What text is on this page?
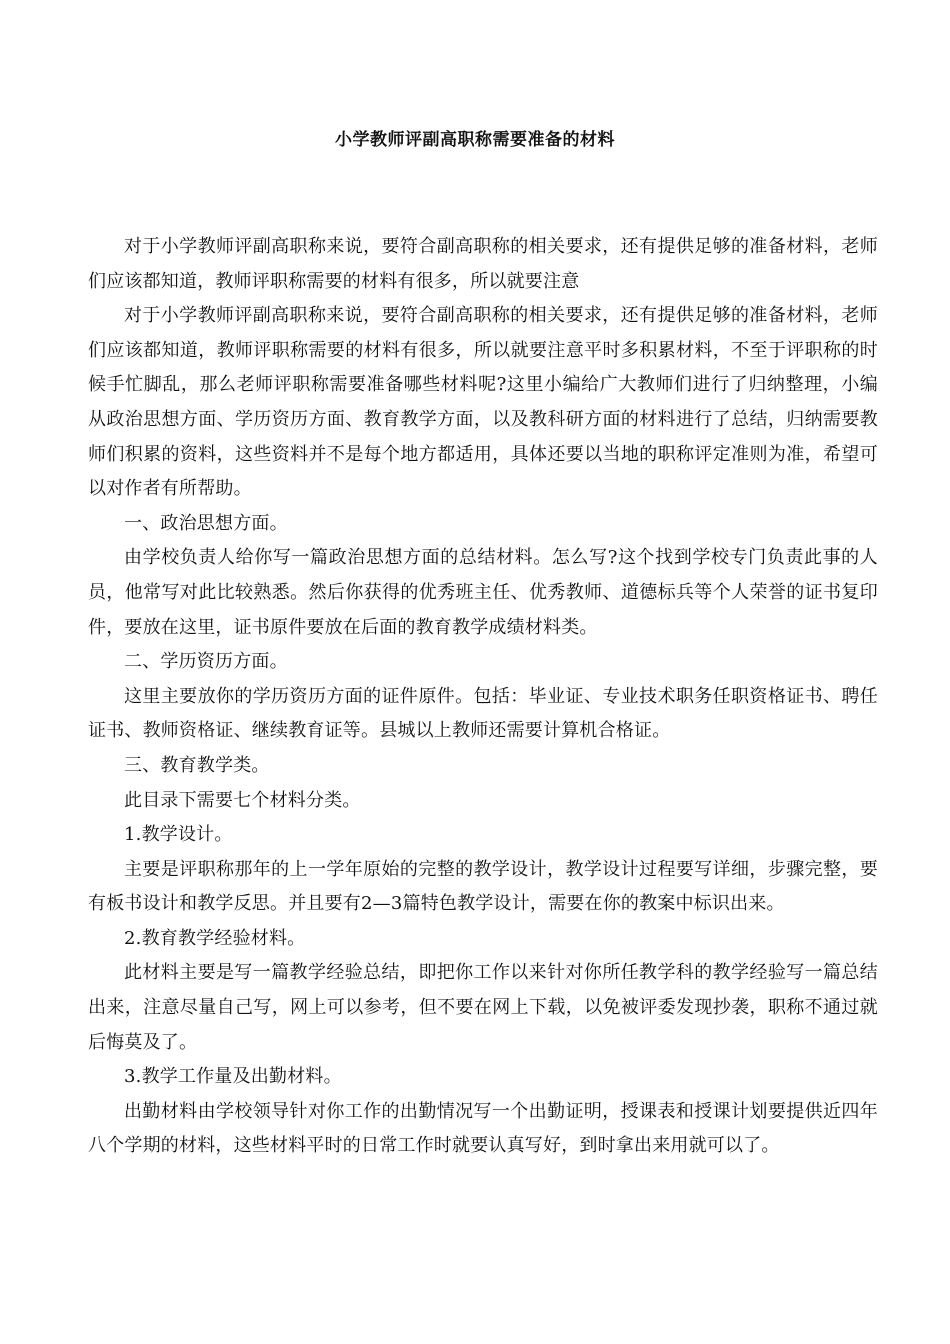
小学教师评副高职称需要准备的材料

对于小学教师评副高职称来说，要符合副高职称的相关要求，还有提供足够的准备材料，老师们应该都知道，教师评职称需要的材料有很多，所以就要注意

对于小学教师评副高职称来说，要符合副高职称的相关要求，还有提供足够的准备材料，老师们应该都知道，教师评职称需要的材料有很多，所以就要注意平时多积累材料，不至于评职称的时候手忙脚乱，那么老师评职称需要准备哪些材料呢?这里小编给广大教师们进行了归纳整理，小编从政治思想方面、学历资历方面、教育教学方面，以及教科研方面的材料进行了总结，归纳需要教师们积累的资料，这些资料并不是每个地方都适用，具体还要以当地的职称评定准则为准，希望可以对作者有所帮助。

一、政治思想方面。

由学校负责人给你写一篇政治思想方面的总结材料。怎么写?这个找到学校专门负责此事的人员，他常写对此比较熟悉。然后你获得的优秀班主任、优秀教师、道德标兵等个人荣誉的证书复印件，要放在这里，证书原件要放在后面的教育教学成绩材料类。

二、学历资历方面。

这里主要放你的学历资历方面的证件原件。包括：毕业证、专业技术职务任职资格证书、聘任证书、教师资格证、继续教育证等。县城以上教师还需要计算机合格证。

三、教育教学类。

此目录下需要七个材料分类。

1.教学设计。

主要是评职称那年的上一学年原始的完整的教学设计，教学设计过程要写详细，步骤完整，要有板书设计和教学反思。并且要有2—3篇特色教学设计，需要在你的教案中标识出来。

2.教育教学经验材料。

此材料主要是写一篇教学经验总结，即把你工作以来针对你所任教学科的教学经验写一篇总结出来，注意尽量自己写，网上可以参考，但不要在网上下载，以免被评委发现抄袭，职称不通过就后悔莫及了。

3.教学工作量及出勤材料。

出勤材料由学校领导针对你工作的出勤情况写一个出勤证明，授课表和授课计划要提供近四年八个学期的材料，这些材料平时的日常工作时就要认真写好，到时拿出来用就可以了。
